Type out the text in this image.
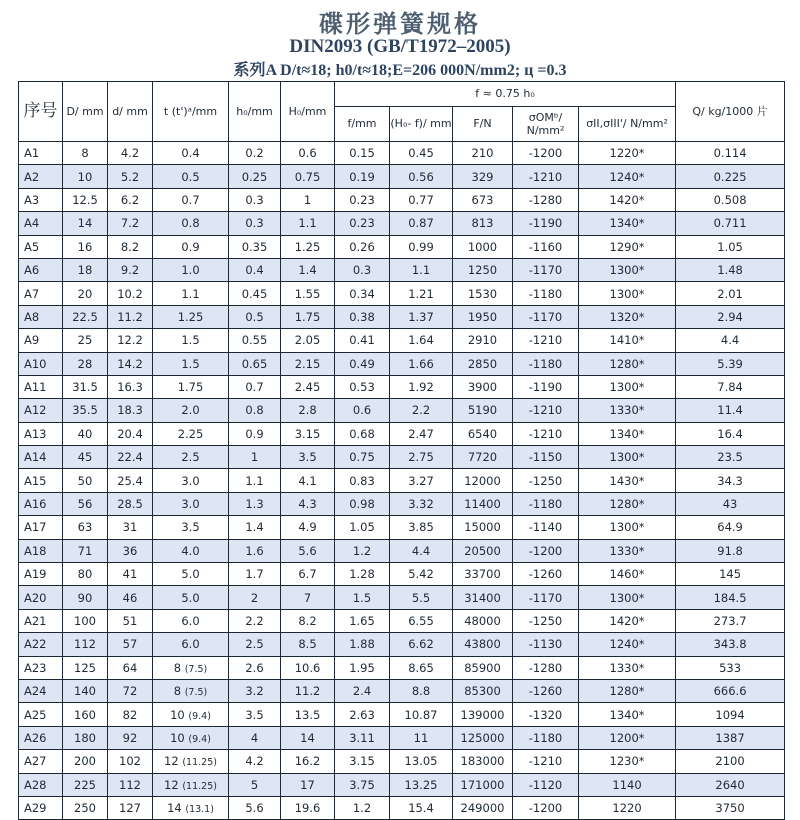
碟形弹簧规格
DIN2093 (GB/T1972–2005)
系列A D/t≈18; h0/t≈18;E=206 000N/mm2; ц =0.3
序号	D/ mm	d/ mm	t (t')ᵃ/mm	h₀/mm	H₀/mm	f ≈ 0.75 h₀					Q/ kg/1000 片
						f/mm	(H₀- f)/ mm	F/N	σOMᵇ/ N/mm²	σII,σIII'/ N/mm²	
A1	8	4.2	0.4	0.2	0.6	0.15	0.45	210	-1200	1220*	0.114
A2	10	5.2	0.5	0.25	0.75	0.19	0.56	329	-1210	1240*	0.225
A3	12.5	6.2	0.7	0.3	1	0.23	0.77	673	-1280	1420*	0.508
A4	14	7.2	0.8	0.3	1.1	0.23	0.87	813	-1190	1340*	0.711
A5	16	8.2	0.9	0.35	1.25	0.26	0.99	1000	-1160	1290*	1.05
A6	18	9.2	1.0	0.4	1.4	0.3	1.1	1250	-1170	1300*	1.48
A7	20	10.2	1.1	0.45	1.55	0.34	1.21	1530	-1180	1300*	2.01
A8	22.5	11.2	1.25	0.5	1.75	0.38	1.37	1950	-1170	1320*	2.94
A9	25	12.2	1.5	0.55	2.05	0.41	1.64	2910	-1210	1410*	4.4
A10	28	14.2	1.5	0.65	2.15	0.49	1.66	2850	-1180	1280*	5.39
A11	31.5	16.3	1.75	0.7	2.45	0.53	1.92	3900	-1190	1300*	7.84
A12	35.5	18.3	2.0	0.8	2.8	0.6	2.2	5190	-1210	1330*	11.4
A13	40	20.4	2.25	0.9	3.15	0.68	2.47	6540	-1210	1340*	16.4
A14	45	22.4	2.5	1	3.5	0.75	2.75	7720	-1150	1300*	23.5
A15	50	25.4	3.0	1.1	4.1	0.83	3.27	12000	-1250	1430*	34.3
A16	56	28.5	3.0	1.3	4.3	0.98	3.32	11400	-1180	1280*	43
A17	63	31	3.5	1.4	4.9	1.05	3.85	15000	-1140	1300*	64.9
A18	71	36	4.0	1.6	5.6	1.2	4.4	20500	-1200	1330*	91.8
A19	80	41	5.0	1.7	6.7	1.28	5.42	33700	-1260	1460*	145
A20	90	46	5.0	2	7	1.5	5.5	31400	-1170	1300*	184.5
A21	100	51	6.0	2.2	8.2	1.65	6.55	48000	-1250	1420*	273.7
A22	112	57	6.0	2.5	8.5	1.88	6.62	43800	-1130	1240*	343.8
A23	125	64	8 (7.5)	2.6	10.6	1.95	8.65	85900	-1280	1330*	533
A24	140	72	8 (7.5)	3.2	11.2	2.4	8.8	85300	-1260	1280*	666.6
A25	160	82	10 (9.4)	3.5	13.5	2.63	10.87	139000	-1320	1340*	1094
A26	180	92	10 (9.4)	4	14	3.11	11	125000	-1180	1200*	1387
A27	200	102	12 (11.25)	4.2	16.2	3.15	13.05	183000	-1210	1230*	2100
A28	225	112	12 (11.25)	5	17	3.75	13.25	171000	-1120	1140	2640
A29	250	127	14 (13.1)	5.6	19.6	1.2	15.4	249000	-1200	1220	3750
